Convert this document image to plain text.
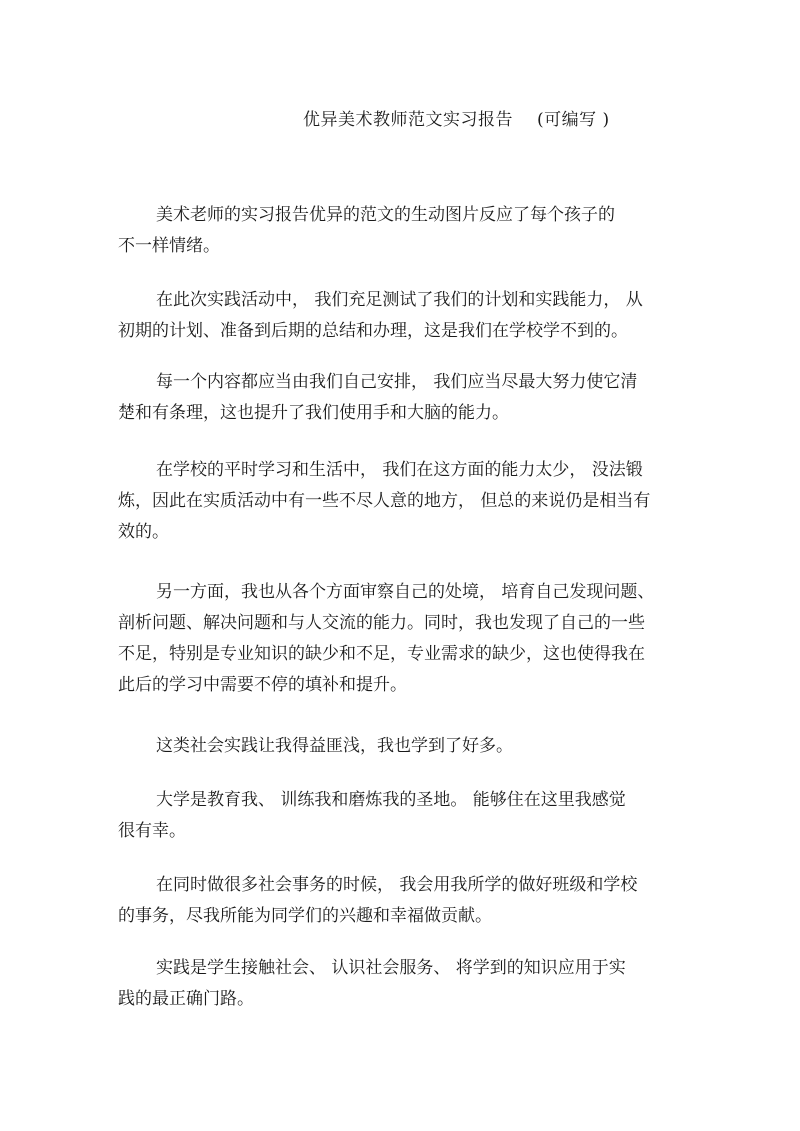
优异美术教师范文实习报告 (可编写 )
美术老师的实习报告优异的范文的生动图片反应了每个孩子的
不一样情绪。
在此次实践活动中， 我们充足测试了我们的计划和实践能力， 从
初期的计划、准备到后期的总结和办理，这是我们在学校学不到的。
每一个内容都应当由我们自己安排， 我们应当尽最大努力使它清
楚和有条理，这也提升了我们使用手和大脑的能力。
在学校的平时学习和生活中， 我们在这方面的能力太少， 没法锻
炼，因此在实质活动中有一些不尽人意的地方， 但总的来说仍是相当有
效的。
另一方面，我也从各个方面审察自己的处境， 培育自己发现问题、
剖析问题、解决问题和与人交流的能力。同时，我也发现了自己的一些
不足，特别是专业知识的缺少和不足，专业需求的缺少，这也使得我在
此后的学习中需要不停的填补和提升。
这类社会实践让我得益匪浅，我也学到了好多。
大学是教育我、 训练我和磨炼我的圣地。 能够住在这里我感觉
很有幸。
在同时做很多社会事务的时候， 我会用我所学的做好班级和学校
的事务，尽我所能为同学们的兴趣和幸福做贡献。
实践是学生接触社会、 认识社会服务、 将学到的知识应用于实
践的最正确门路。
